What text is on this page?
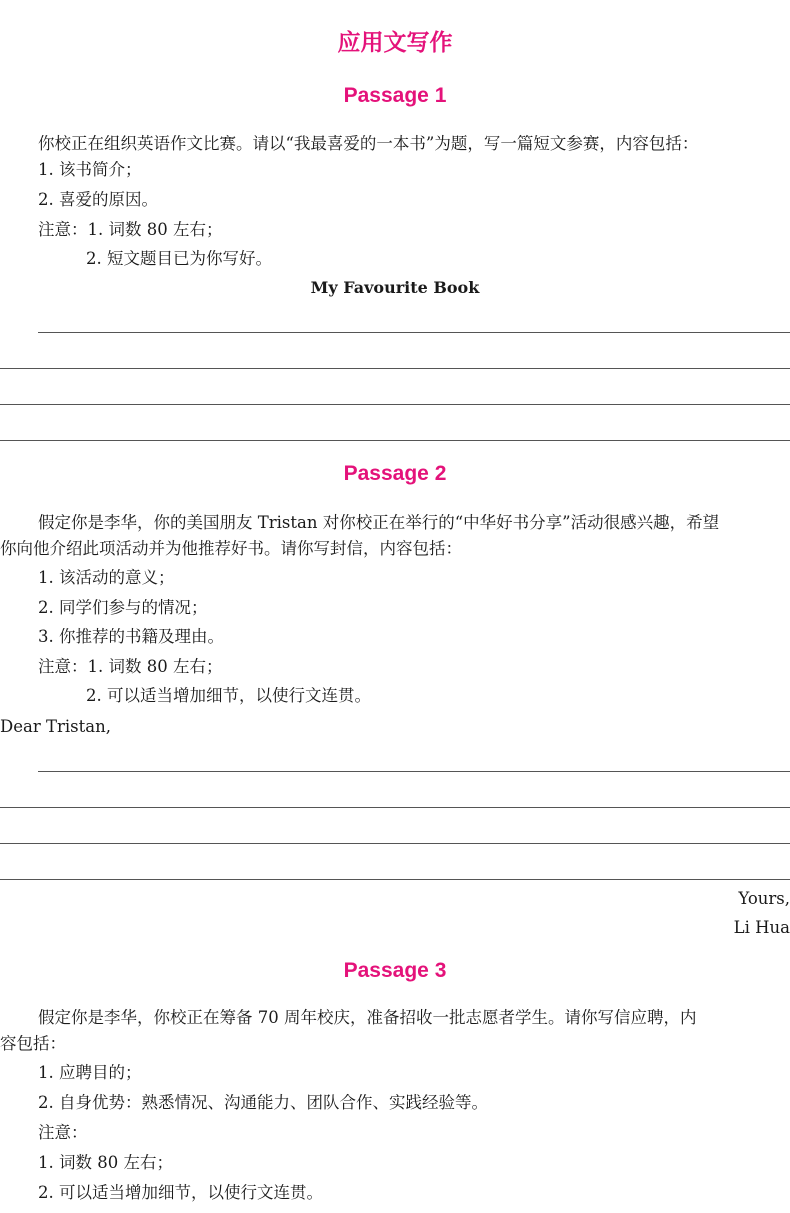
应用文写作
Passage 1
你校正在组织英语作文比赛。请以“我最喜爱的一本书”为题，写一篇短文参赛，内容包括：
1. 该书简介；
2. 喜爱的原因。
注意：1. 词数 80 左右；
2. 短文题目已为你写好。
My Favourite Book
Passage 2
假定你是李华，你的美国朋友 Tristan 对你校正在举行的“中华好书分享”活动很感兴趣，希望
你向他介绍此项活动并为他推荐好书。请你写封信，内容包括：
1. 该活动的意义；
2. 同学们参与的情况；
3. 你推荐的书籍及理由。
注意：1. 词数 80 左右；
2. 可以适当增加细节，以使行文连贯。
Dear Tristan,
Yours,
Li Hua
Passage 3
假定你是李华，你校正在筹备 70 周年校庆，准备招收一批志愿者学生。请你写信应聘，内
容包括：
1. 应聘目的；
2. 自身优势：熟悉情况、沟通能力、团队合作、实践经验等。
注意：
1. 词数 80 左右；
2. 可以适当增加细节，以使行文连贯。
